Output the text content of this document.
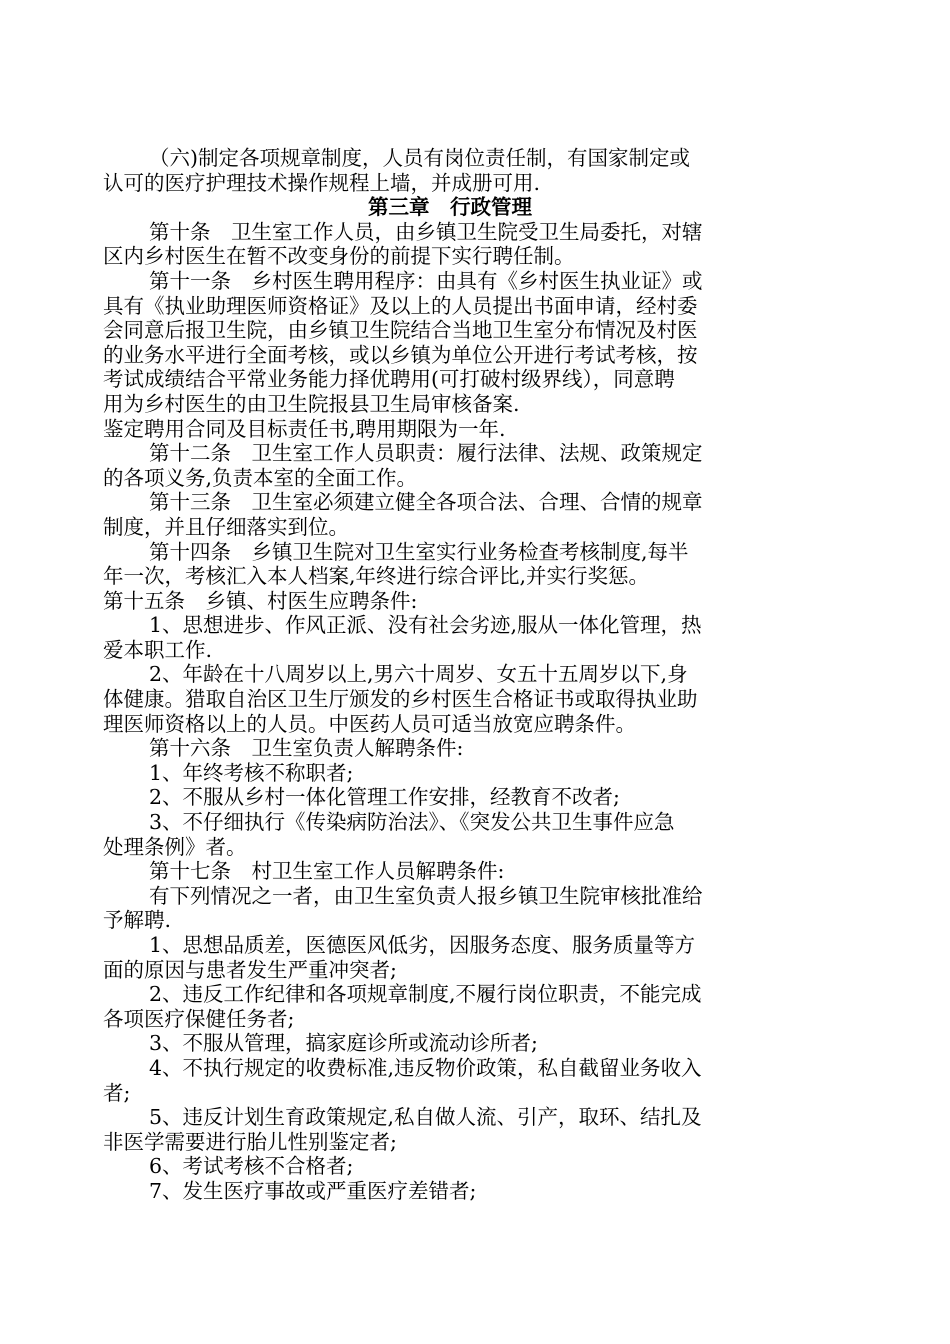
（六)制定各项规章制度，人员有岗位责任制，有国家制定或
认可的医疗护理技术操作规程上墙，并成册可用.
第三章　行政管理
第十条　卫生室工作人员，由乡镇卫生院受卫生局委托，对辖
区内乡村医生在暂不改变身份的前提下实行聘任制。
第十一条　乡村医生聘用程序：由具有《乡村医生执业证》或
具有《执业助理医师资格证》及以上的人员提出书面申请，经村委
会同意后报卫生院，由乡镇卫生院结合当地卫生室分布情况及村医
的业务水平进行全面考核，或以乡镇为单位公开进行考试考核，按
考试成绩结合平常业务能力择优聘用(可打破村级界线），同意聘
用为乡村医生的由卫生院报县卫生局审核备案.
鉴定聘用合同及目标责任书,聘用期限为一年.
第十二条　卫生室工作人员职责：履行法律、法规、政策规定
的各项义务,负责本室的全面工作。
第十三条　卫生室必须建立健全各项合法、合理、合情的规章
制度，并且仔细落实到位。
第十四条　乡镇卫生院对卫生室实行业务检查考核制度,每半
年一次，考核汇入本人档案,年终进行综合评比,并实行奖惩。
第十五条　乡镇、村医生应聘条件:
1、思想进步、作风正派、没有社会劣迹,服从一体化管理，热
爱本职工作.
2、年龄在十八周岁以上,男六十周岁、女五十五周岁以下,身
体健康。猎取自治区卫生厅颁发的乡村医生合格证书或取得执业助
理医师资格以上的人员。中医药人员可适当放宽应聘条件。
第十六条　卫生室负责人解聘条件:
1、年终考核不称职者;
2、不服从乡村一体化管理工作安排，经教育不改者;
3、不仔细执行《传染病防治法》、《突发公共卫生事件应急
处理条例》者。
第十七条　村卫生室工作人员解聘条件:
有下列情况之一者，由卫生室负责人报乡镇卫生院审核批准给
予解聘.
1、思想品质差，医德医风低劣，因服务态度、服务质量等方
面的原因与患者发生严重冲突者;
2、违反工作纪律和各项规章制度,不履行岗位职责，不能完成
各项医疗保健任务者;
3、不服从管理，搞家庭诊所或流动诊所者;
4、不执行规定的收费标准,违反物价政策，私自截留业务收入
者;
5、违反计划生育政策规定,私自做人流、引产，取环、结扎及
非医学需要进行胎儿性别鉴定者;
6、考试考核不合格者;
7、发生医疗事故或严重医疗差错者;
